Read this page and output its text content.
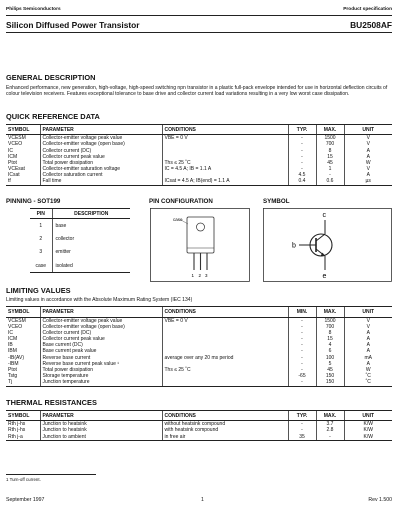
Philips Semiconductors	Product specification
Silicon Diffused Power Transistor	BU2508AF
GENERAL DESCRIPTION
Enhanced performance, new generation, high-voltage, high-speed switching npn transistor in a plastic full-pack envelope intended for use in horizontal deflection circuits of colour television receivers. Features exceptional tolerance to base drive and collector current load variations resulting in a very low worst case dissipation.
QUICK REFERENCE DATA
SYMBOL	PARAMETER	CONDITIONS	TYP.	MAX.	UNIT
VCESM	Collector-emitter voltage peak value	VBE = 0 V	-	1500	V
VCEO	Collector-emitter voltage (open base)		-	700	V
IC	Collector current (DC)		-	8	A
ICM	Collector current peak value		-	15	A
Ptot	Total power dissipation	Ths ≤ 25 ˚C	-	45	W
VCEsat	Collector-emitter saturation voltage	IC = 4.5 A; IB = 1.1 A	-	1	V
ICsat	Collector saturation current		4.5	-	A
tf	Fall time	ICsat = 4.5 A; IB(end) = 1.1 A	0.4	0.6	µs
PINNING - SOT199
PIN	DESCRIPTION
1	base
2	collector
3	emitter
case	isolated
PIN CONFIGURATION
case
1 2 3
SYMBOL
c
b
e
LIMITING VALUES
Limiting values in accordance with the Absolute Maximum Rating System (IEC 134)
SYMBOL	PARAMETER	CONDITIONS	MIN.	MAX.	UNIT
VCESM	Collector-emitter voltage peak value	VBE = 0 V	-	1500	V
VCEO	Collector-emitter voltage (open base)		-	700	V
IC	Collector current (DC)		-	8	A
ICM	Collector current peak value		-	15	A
IB	Base current (DC)		-	4	A
IBM	Base current peak value		-	6	A
-IB(AV)	Reverse base current	average over any 20 ms period	-	100	mA
-IBM	Reverse base current peak value ¹		-	5	A
Ptot	Total power dissipation	Ths ≤ 25 ˚C	-	45	W
Tstg	Storage temperature		-65	150	˚C
Tj	Junction temperature		-	150	˚C
THERMAL RESISTANCES
SYMBOL	PARAMETER	CONDITIONS	TYP.	MAX.	UNIT
Rth j-hs	Junction to heatsink	without heatsink compound	-	3.7	K/W
Rth j-hs	Junction to heatsink	with heatsink compound	-	2.8	K/W
Rth j-a	Junction to ambient	in free air	35	-	K/W
1 Turn-off current.
September 1997	1	Rev 1.500
